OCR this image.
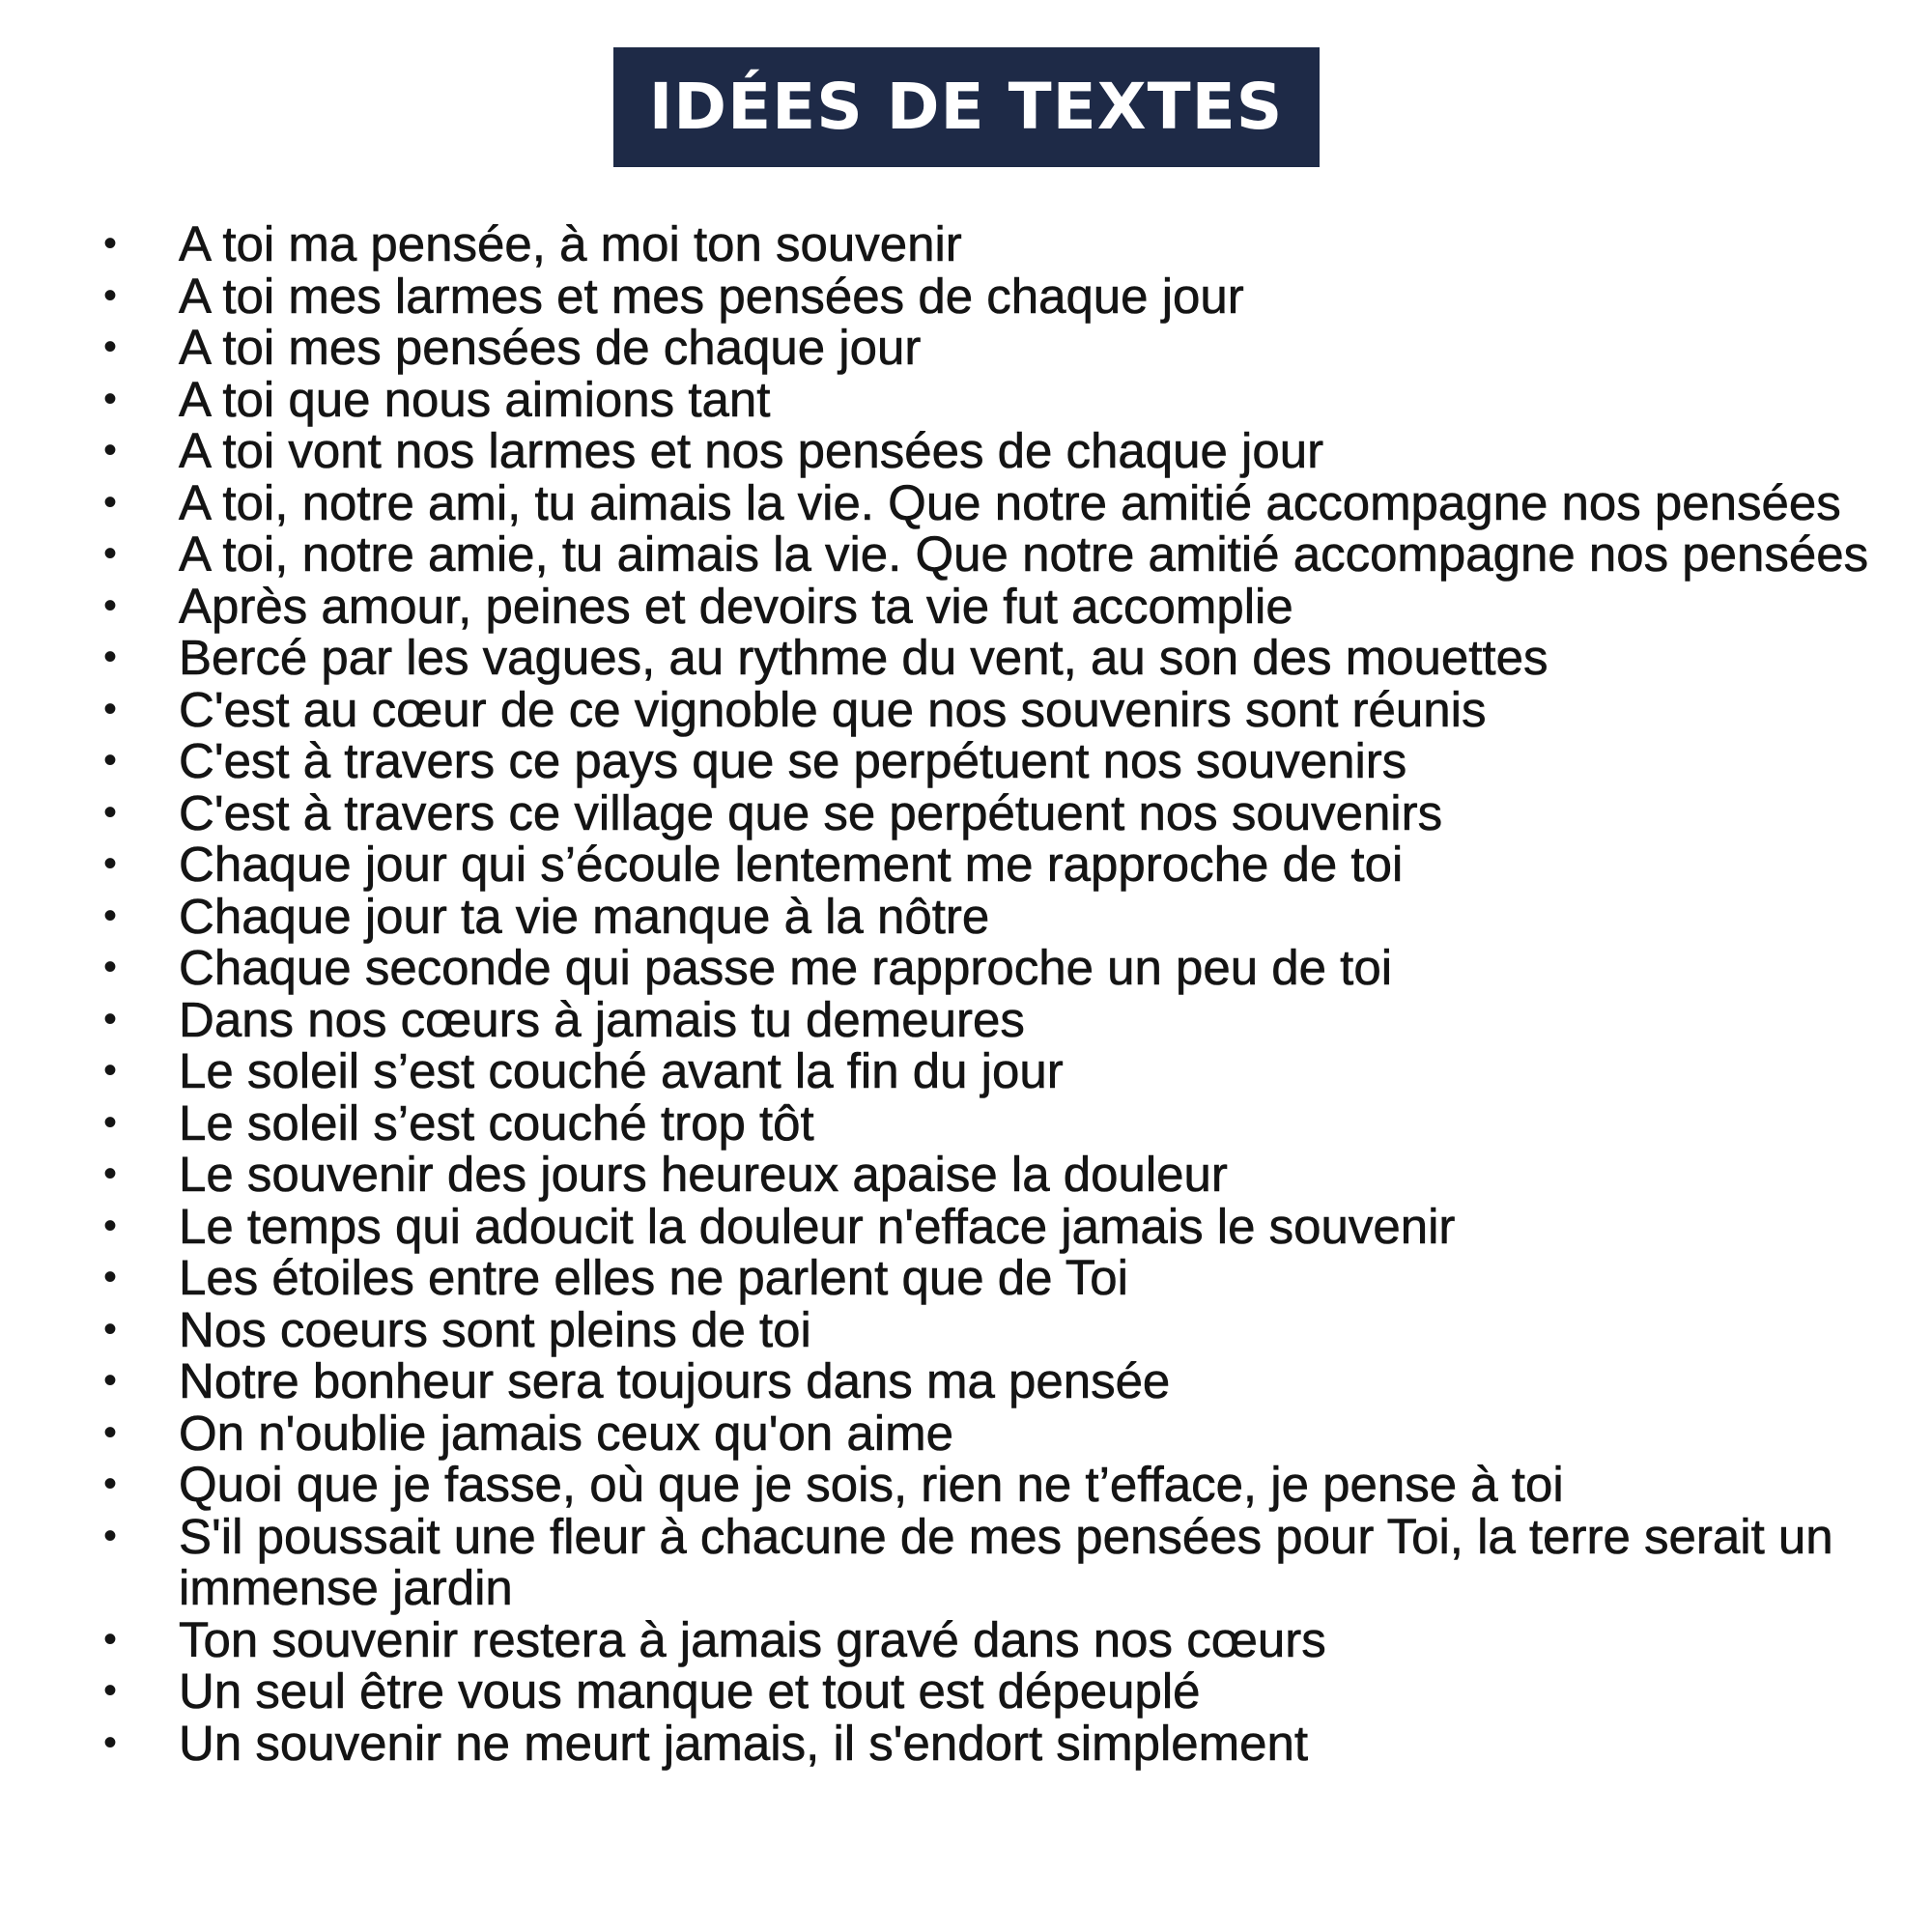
IDÉES DE TEXTES
• A toi ma pensée, à moi ton souvenir
• A toi mes larmes et mes pensées de chaque jour
• A toi mes pensées de chaque jour
• A toi que nous aimions tant
• A toi vont nos larmes et nos pensées de chaque jour
• A toi, notre ami, tu aimais la vie. Que notre amitié accompagne nos pensées
• A toi, notre amie, tu aimais la vie. Que notre amitié accompagne nos pensées
• Après amour, peines et devoirs ta vie fut accomplie
• Bercé par les vagues, au rythme du vent, au son des mouettes
• C'est au cœur de ce vignoble que nos souvenirs sont réunis
• C'est à travers ce pays que se perpétuent nos souvenirs
• C'est à travers ce village que se perpétuent nos souvenirs
• Chaque jour qui s’écoule lentement me rapproche de toi
• Chaque jour ta vie manque à la nôtre
• Chaque seconde qui passe me rapproche un peu de toi
• Dans nos cœurs à jamais tu demeures
• Le soleil s’est couché avant la fin du jour
• Le soleil s’est couché trop tôt
• Le souvenir des jours heureux apaise la douleur
• Le temps qui adoucit la douleur n'efface jamais le souvenir
• Les étoiles entre elles ne parlent que de Toi
• Nos coeurs sont pleins de toi
• Notre bonheur sera toujours dans ma pensée
• On n'oublie jamais ceux qu'on aime
• Quoi que je fasse, où que je sois, rien ne t’efface, je pense à toi
• S'il poussait une fleur à chacune de mes pensées pour Toi, la terre serait un immense jardin
• Ton souvenir restera à jamais gravé dans nos cœurs
• Un seul être vous manque et tout est dépeuplé
• Un souvenir ne meurt jamais, il s'endort simplement
